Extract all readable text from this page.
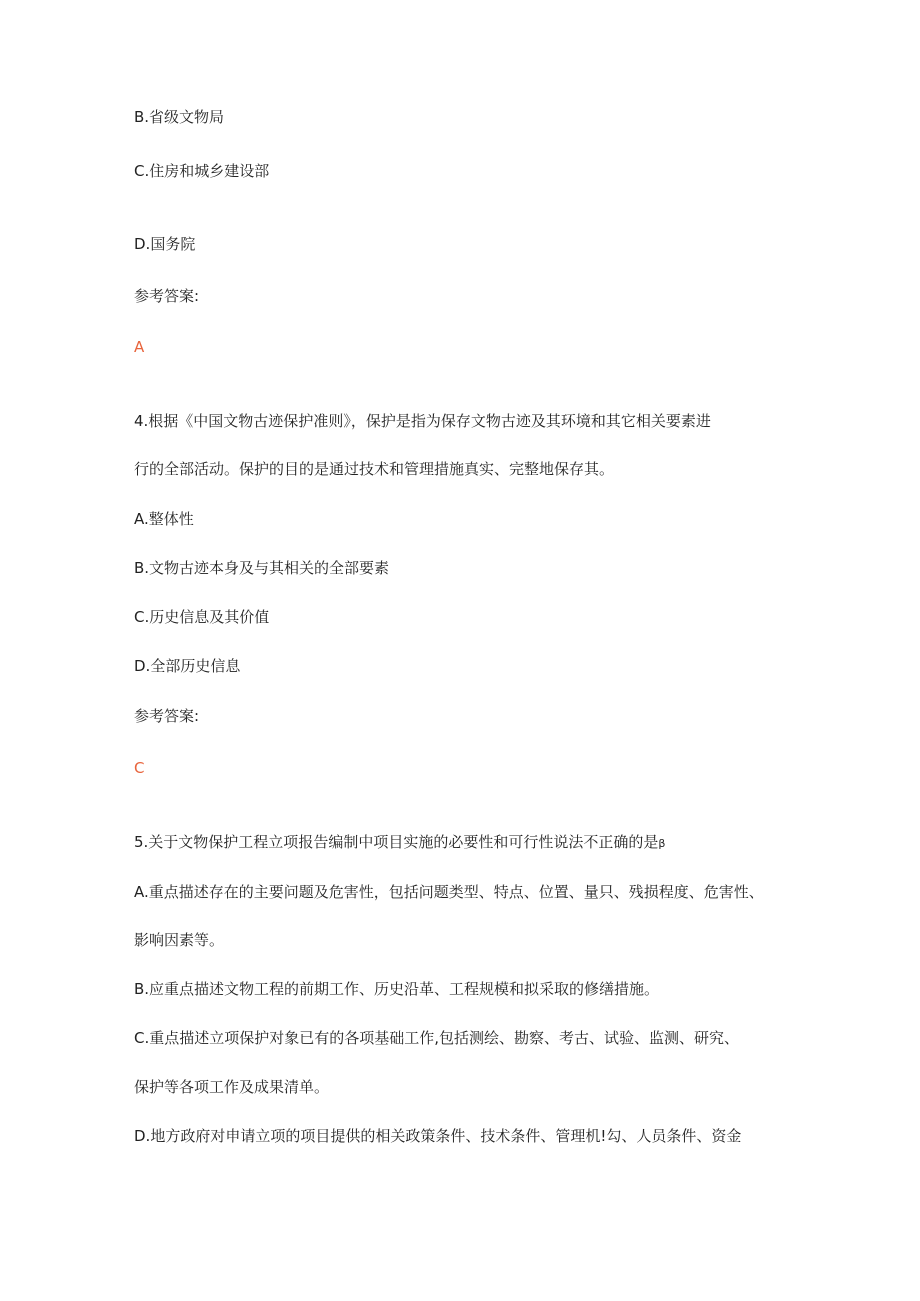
B.省级文物局
C.住房和城乡建设部
D.国务院
参考答案:
A
4.根据《中国文物古迹保护准则》，保护是指为保存文物古迹及其环境和其它相关要素进
行的全部活动。保护的目的是通过技术和管理措施真实、完整地保存其。
A.整体性
B.文物古迹本身及与其相关的全部要素
C.历史信息及其价值
D.全部历史信息
参考答案:
C
5.关于文物保护工程立项报告编制中项目实施的必要性和可行性说法不正确的是β
A.重点描述存在的主要问题及危害性，包括问题类型、特点、位置、量只、残损程度、危害性、
影响因素等。
B.应重点描述文物工程的前期工作、历史沿革、工程规模和拟采取的修缮措施。
C.重点描述立项保护对象已有的各项基础工作,包括测绘、勘察、考古、试验、监测、研究、
保护等各项工作及成果清单。
D.地方政府对申请立项的项目提供的相关政策条件、技术条件、管理机!勾、人员条件、资金
